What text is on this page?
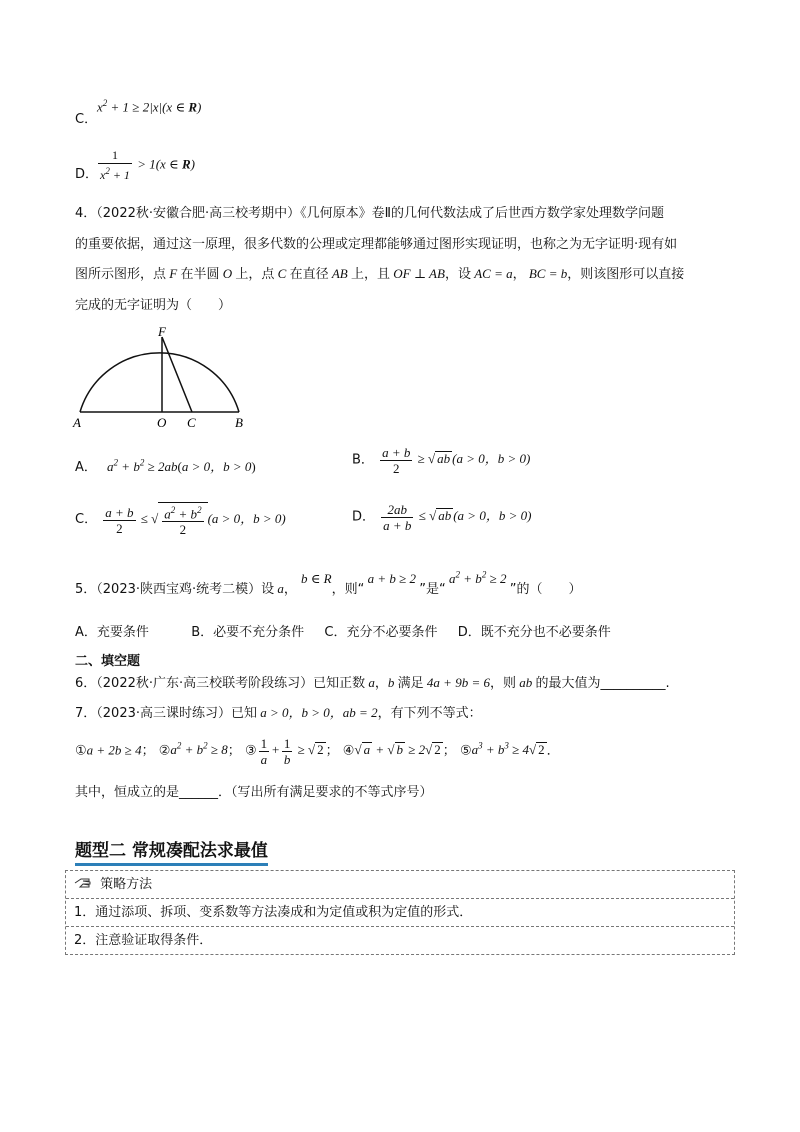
C．
$x^2 + 1 \ge 2|x|(x$ ∈ R)
D． $\frac{1}{x^2 + 1} > 1(x$ ∈ R)
4．（2022秋·安徽合肥·高三校考期中）《几何原本》卷Ⅱ的几何代数法成了后世西方数学家处理数学问题
的重要依据，通过这一原理，很多代数的公理或定理都能够通过图形实现证明，也称之为无字证明·现有如
图所示图形，点 F 在半圆 O 上，点 C 在直径 AB 上，且 OF ⊥ AB，设 AC = a， BC = b，则该图形可以直接
完成的无字证明为（　　）
F
A	O C	B
A． $a^2 + b^2 \ge 2ab(a > 0$，b > 0)	B． $\frac{a + b}{2}$ ≥ √ ab (a > 0，b > 0)
C． $\frac{a + b}{2}$ ≤ √ $\frac{a^2 + b^2}{2} (a > 0$，b > 0)	D． $\frac{2ab}{a + b}$ ≤ √ ab (a > 0，b > 0)
5．（2023·陕西宝鸡·统考二模）设 a， b ∈ R，则“ a + b ≥ 2 ”是“ $a^2 + b^2 \ge 2$ ”的（　　）
A．充要条件	B．必要不充分条件 C．充分不必要条件 D．既不充分也不必要条件
二、填空题
6．（2022秋·广东·高三校联考阶段练习）已知正数 a，b 满足 4a + 9b = 6，则 ab 的最大值为__________.
7．（2023·高三课时练习）已知 a > 0，b > 0，ab = 2，有下列不等式：
①a + 2b ≥ 4； $②a^2 + b^2 \ge 8$； ③ $\frac{1}{a} + \frac{1}{b}$ ≥ √ 2 ； ④√ a + √ b ≥ 2√ 2 ； $⑤a^3 + b^3 \ge 4√$ 2 ．
其中，恒成立的是______．（写出所有满足要求的不等式序号）
题型二 常规凑配法求最值
策略方法
1．通过添项、拆项、变系数等方法凑成和为定值或积为定值的形式．
2．注意验证取得条件．
